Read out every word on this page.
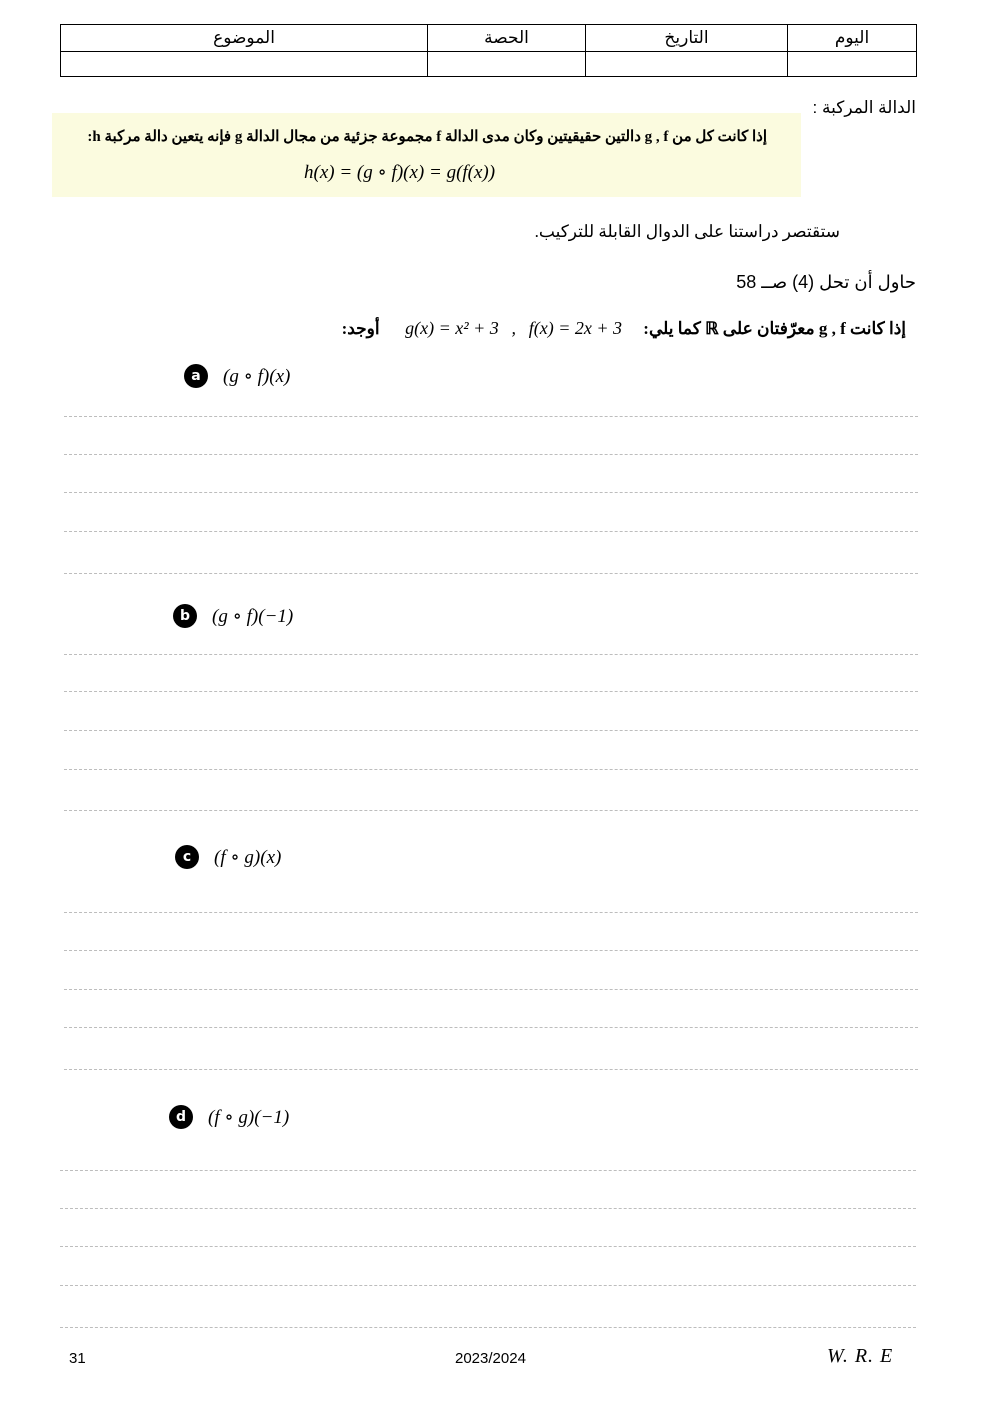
اليوم	التاريخ	الحصة	الموضوع

الدالة المركبة :
إذا كانت كل من g , f دالتين حقيقيتين وكان مدى الدالة f مجموعة جزئية من مجال الدالة g فإنه يتعين دالة مركبة h:
h(x) = (g ∘ f)(x) = g(f(x))
ستقتصر دراستنا على الدوال القابلة للتركيب.
حاول أن تحل (4) صــ 58
إذا كانت g , f معرّفتان على ℝ كما يلي:     g(x) = x² + 3 , f(x) = 2x + 3      أوجد:
a	(g ∘ f)(x)
b	(g ∘ f)(−1)
c	(f ∘ g)(x)
d	(f ∘ g)(−1)
31	2023/2024	W. R. E
